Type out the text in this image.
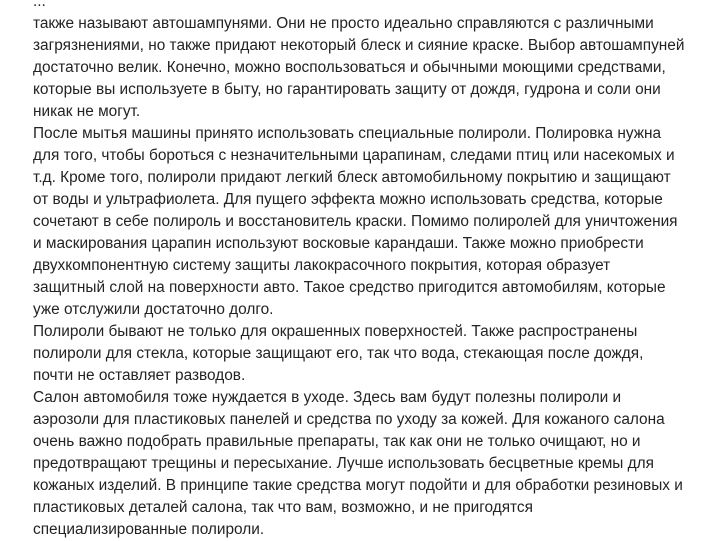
...
также называют автошампунями. Они не просто идеально справляются с различными
загрязнениями, но также придают некоторый блеск и сияние краске. Выбор автошампуней
достаточно велик. Конечно, можно воспользоваться и обычными моющими средствами,
которые вы используете в быту, но гарантировать защиту от дождя, гудрона и соли они
никак не могут.
После мытья машины принято использовать специальные полироли. Полировка нужна
для того, чтобы бороться с незначительными царапинам, следами птиц или насекомых и
т.д. Кроме того, полироли придают легкий блеск автомобильному покрытию и защищают
от воды и ультрафиолета. Для пущего эффекта можно использовать средства, которые
сочетают в себе полироль и восстановитель краски. Помимо полиролей для уничтожения
и маскирования царапин используют восковые карандаши. Также можно приобрести
двухкомпонентную систему защиты лакокрасочного покрытия, которая образует
защитный слой на поверхности авто. Такое средство пригодится автомобилям, которые
уже отслужили достаточно долго.
Полироли бывают не только для окрашенных поверхностей. Также распространены
полироли для стекла, которые защищают его, так что вода, стекающая после дождя,
почти не оставляет разводов.
Салон автомобиля тоже нуждается в уходе. Здесь вам будут полезны полироли и
аэрозоли для пластиковых панелей и средства по уходу за кожей. Для кожаного салона
очень важно подобрать правильные препараты, так как они не только очищают, но и
предотвращают трещины и пересыхание. Лучше использовать бесцветные кремы для
кожаных изделий. В принципе такие средства могут подойти и для обработки резиновых и
пластиковых деталей салона, так что вам, возможно, и не пригодятся
специализированные полироли.
